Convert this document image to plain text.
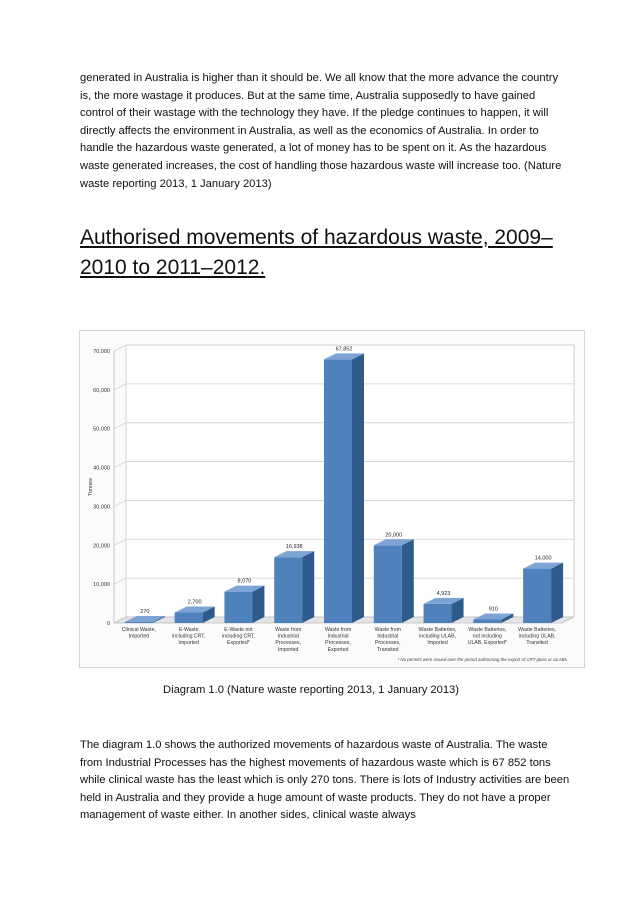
generated in Australia is higher than it should be. We all know that the more advance the country is, the more wastage it produces. But at the same time, Australia supposedly to have gained control of their wastage with the technology they have. If the pledge continues to happen, it will directly affects the environment in Australia, as well as the economics of Australia. In order to handle the hazardous waste generated, a lot of money has to be spent on it. As the hazardous waste generated increases, the cost of handling those hazardous waste will increase too. (Nature waste reporting 2013, 1 January 2013)

Authorised movements of hazardous waste, 2009–2010 to 2011–2012.
0
10,000
20,000
30,000
40,000
50,000
60,000
70,000
Tonnes
270
Clinical Waste,
Imported
2,700
E-Waste
including CRT,
Imported
8,070
E-Waste not
including CRT,
Exported*
16,938
Waste from
Industrial
Processes,
Imported
67,852
Waste from
Industrial
Processes,
Exported
20,000
Waste from
Industrial
Processes,
Transited
4,923
Waste Batteries,
including ULAB,
Imported
910
Waste Batteries,
not including
ULAB, Exported*
14,000
Waste Batteries,
including ULAB,
Transited
* No permits were issued over the period authorising the export of CRT glass or ULABs.

Diagram 1.0 (Nature waste reporting 2013, 1 January 2013)

The diagram 1.0 shows the authorized movements of hazardous waste of Australia. The waste from Industrial Processes has the highest movements of hazardous waste which is 67 852 tons while clinical waste has the least which is only 270 tons. There is lots of Industry activities are been held in Australia and they provide a huge amount of waste products. They do not have a proper management of waste either. In another sides, clinical waste always
